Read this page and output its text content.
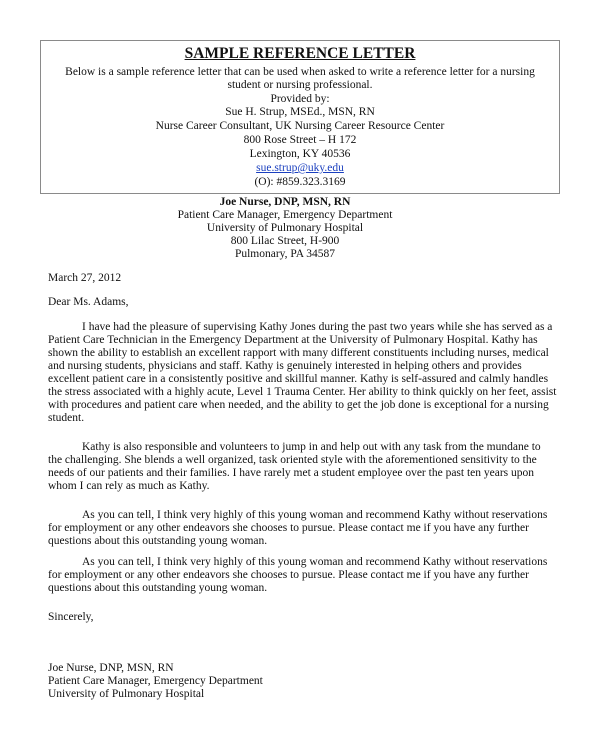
SAMPLE REFERENCE LETTER
Below is a sample reference letter that can be used when asked to write a reference letter for a nursing
student or nursing professional.
Provided by:
Sue H. Strup, MSEd., MSN, RN
Nurse Career Consultant, UK Nursing Career Resource Center
800 Rose Street – H 172
Lexington, KY 40536
sue.strup@uky.edu
(O): #859.323.3169
Joe Nurse, DNP, MSN, RN
Patient Care Manager, Emergency Department
University of Pulmonary Hospital
800 Lilac Street, H-900
Pulmonary, PA 34587
March 27, 2012
Dear Ms. Adams,
I have had the pleasure of supervising Kathy Jones during the past two years while she has served as a
Patient Care Technician in the Emergency Department at the University of Pulmonary Hospital. Kathy has
shown the ability to establish an excellent rapport with many different constituents including nurses, medical
and nursing students, physicians and staff. Kathy is genuinely interested in helping others and provides
excellent patient care in a consistently positive and skillful manner. Kathy is self-assured and calmly handles
the stress associated with a highly acute, Level 1 Trauma Center. Her ability to think quickly on her feet, assist
with procedures and patient care when needed, and the ability to get the job done is exceptional for a nursing
student.
Kathy is also responsible and volunteers to jump in and help out with any task from the mundane to
the challenging. She blends a well organized, task oriented style with the aforementioned sensitivity to the
needs of our patients and their families. I have rarely met a student employee over the past ten years upon
whom I can rely as much as Kathy.
As you can tell, I think very highly of this young woman and recommend Kathy without reservations
for employment or any other endeavors she chooses to pursue. Please contact me if you have any further
questions about this outstanding young woman.
As you can tell, I think very highly of this young woman and recommend Kathy without reservations
for employment or any other endeavors she chooses to pursue. Please contact me if you have any further
questions about this outstanding young woman.
Sincerely,
Joe Nurse, DNP, MSN, RN
Patient Care Manager, Emergency Department
University of Pulmonary Hospital
